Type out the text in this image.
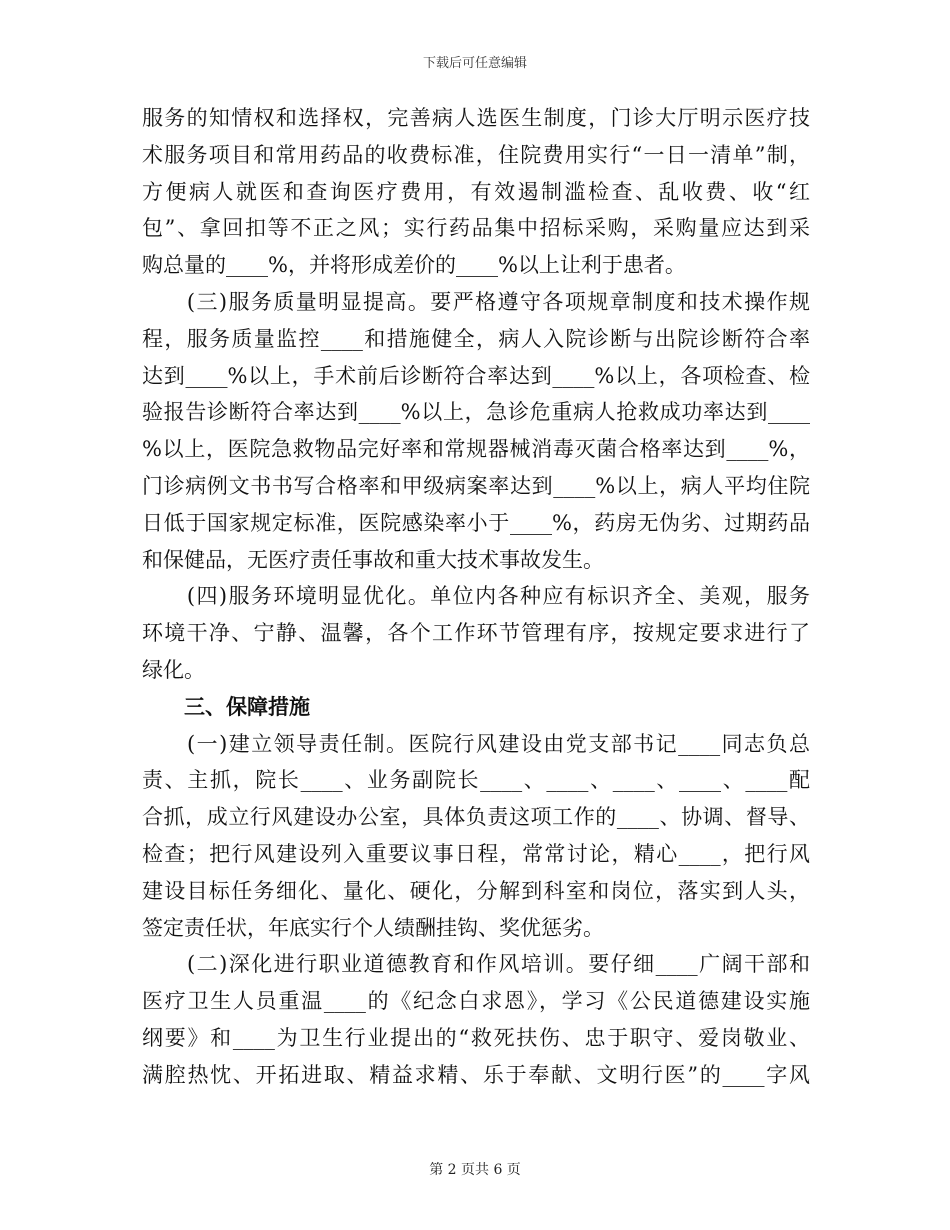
下载后可任意编辑
服务的知情权和选择权，完善病人选医生制度，门诊大厅明示医疗技
术服务项目和常用药品的收费标准，住院费用实行“一日一清单”制，
方便病人就医和查询医疗费用，有效遏制滥检查、乱收费、收“红
包”、拿回扣等不正之风；实行药品集中招标采购，采购量应达到采
购总量的____%，并将形成差价的____%以上让利于患者。
　　(三)服务质量明显提高。要严格遵守各项规章制度和技术操作规
程，服务质量监控____和措施健全，病人入院诊断与出院诊断符合率
达到____%以上，手术前后诊断符合率达到____%以上，各项检查、检
验报告诊断符合率达到____%以上，急诊危重病人抢救成功率达到____
%以上，医院急救物品完好率和常规器械消毒灭菌合格率达到____%，
门诊病例文书书写合格率和甲级病案率达到____%以上，病人平均住院
日低于国家规定标准，医院感染率小于____%，药房无伪劣、过期药品
和保健品，无医疗责任事故和重大技术事故发生。
　　(四)服务环境明显优化。单位内各种应有标识齐全、美观，服务
环境干净、宁静、温馨，各个工作环节管理有序，按规定要求进行了
绿化。
三、保障措施
　　(一)建立领导责任制。医院行风建设由党支部书记____同志负总
责、主抓，院长____、业务副院长____、____、____、____、____配
合抓，成立行风建设办公室，具体负责这项工作的____、协调、督导、
检查；把行风建设列入重要议事日程，常常讨论，精心____，把行风
建设目标任务细化、量化、硬化，分解到科室和岗位，落实到人头，
签定责任状，年底实行个人绩酬挂钩、奖优惩劣。
　　(二)深化进行职业道德教育和作风培训。要仔细____广阔干部和
医疗卫生人员重温____的《纪念白求恩》，学习《公民道德建设实施
纲要》和____为卫生行业提出的“救死扶伤、忠于职守、爱岗敬业、
满腔热忱、开拓进取、精益求精、乐于奉献、文明行医”的____字风
第 2 页共 6 页
